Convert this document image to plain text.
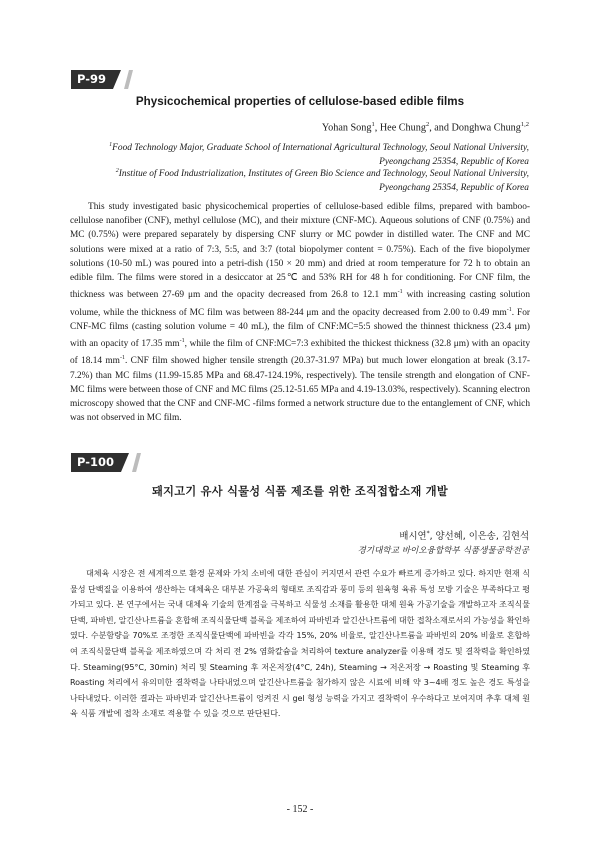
P-99
Physicochemical properties of cellulose-based edible films
Yohan Song$^1$, Hee Chung$^2$, and Donghwa Chung$^{1,2}$
$^1$Food Technology Major, Graduate School of International Agricultural Technology, Seoul National University,
Pyeongchang 25354, Republic of Korea
$^2$Institue of Food Industrialization, Institutes of Green Bio Science and Technology, Seoul National University,
Pyeongchang 25354, Republic of Korea

This study investigated basic physicochemical properties of cellulose-based edible films, prepared with bamboo-cellulose nanofiber (CNF), methyl cellulose (MC), and their mixture (CNF-MC). Aqueous solutions of CNF (0.75%) and MC (0.75%) were prepared separately by dispersing CNF slurry or MC powder in distilled water. The CNF and MC solutions were mixed at a ratio of 7:3, 5:5, and 3:7 (total biopolymer content = 0.75%). Each of the five biopolymer solutions (10-50 mL) was poured into a petri-dish (150 × 20 mm) and dried at room temperature for 72 h to obtain an edible film. The films were stored in a desiccator at 25℃ and 53% RH for 48 h for conditioning. For CNF film, the thickness was between 27-69 μm and the opacity decreased from 26.8 to 12.1 $mm^{-1}$ with increasing casting solution volume, while the thickness of MC film was between 88-244 μm and the opacity decreased from 2.00 to 0.49 $mm^{-1}$. For CNF-MC films (casting solution volume = 40 mL), the film of CNF:MC=5:5 showed the thinnest thickness (23.4 μm) with an opacity of 17.35 $mm^{-1}$, while the film of CNF:MC=7:3 exhibited the thickest thickness (32.8 μm) with an opacity of 18.14 $mm^{-1}$. CNF film showed higher tensile strength (20.37-31.97 MPa) but much lower elongation at break (3.17-7.2%) than MC films (11.99-15.85 MPa and 68.47-124.19%, respectively). The tensile strength and elongation of CNF-MC films were between those of CNF and MC films (25.12-51.65 MPa and 4.19-13.03%, respectively). Scanning electron microscopy showed that the CNF and CNF-MC -films formed a network structure due to the entanglement of CNF, which was not observed in MC film.

P-100
돼지고기 유사 식물성 식품 제조를 위한 조직접합소재 개발
배시연*, 양선혜, 이은송, 김현석
경기대학교 바이오융합학부 식품생물공학전공

대체육 시장은 전 세계적으로 환경 문제와 가치 소비에 대한 관심이 커지면서 관련 수요가 빠르게 증가하고 있다. 하지만 현재 식물성 단백질을 이용하여 생산하는 대체육은 대부분 가공육의 형태로 조직감과 풍미 등의 원육형 육류 특성 모방 기술은 부족하다고 평가되고 있다. 본 연구에서는 국내 대체육 기술의 한계점을 극복하고 식물성 소재를 활용한 대체 원육 가공기술을 개발하고자 조직식물단백, 파바빈, 알긴산나트륨을 혼합해 조직식물단백 블록을 제조하여 파바빈과 알긴산나트륨에 대한 접착소재로서의 가능성을 확인하였다. 수분함량을 70%로 조정한 조직식물단백에 파바빈을 각각 15%, 20% 비율로, 알긴산나트륨을 파바빈의 20% 비율로 혼합하여 조직식물단백 블록을 제조하였으며 각 처리 전 2% 염화칼슘을 처리하여 texture analyzer를 이용해 경도 및 결착력을 확인하였다. Steaming(95°C, 30min) 처리 및 Steaming 후 저온저장(4°C, 24h), Steaming → 저온저장 → Roasting 및 Steaming 후 Roasting 처리에서 유의미한 결착력을 나타내었으며 알긴산나트륨을 첨가하지 않은 시료에 비해 약 3~4배 정도 높은 경도 특성을 나타내었다. 이러한 결과는 파바빈과 알긴산나트륨이 엉켜진 시 gel 형성 능력을 가지고 결착력이 우수하다고 보여지며 추후 대체 원육 식품 개발에 접착 소재로 적용할 수 있을 것으로 판단된다.

- 152 -
